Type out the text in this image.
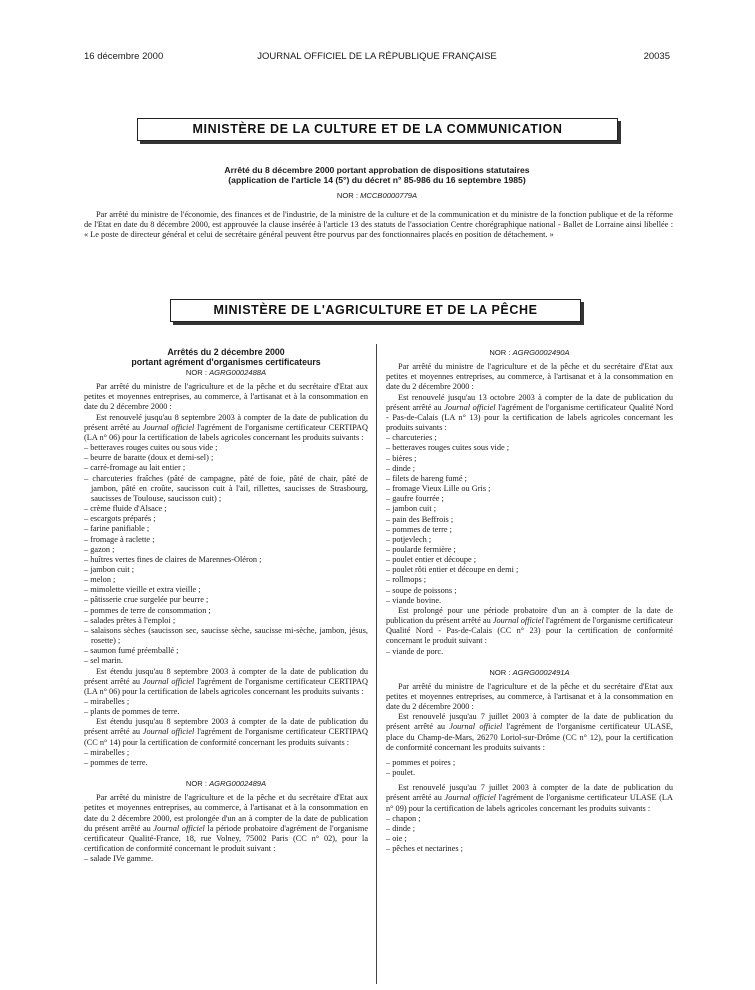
16 décembre 2000	JOURNAL OFFICIEL DE LA RÉPUBLIQUE FRANÇAISE	20035
MINISTÈRE DE LA CULTURE ET DE LA COMMUNICATION
Arrêté du 8 décembre 2000 portant approbation de dispositions statutaires
(application de l'article 14 (5°) du décret n° 85-986 du 16 septembre 1985)
NOR : MCCB0000779A

Par arrêté du ministre de l'économie, des finances et de l'industrie, de la ministre de la culture et de la communication et du ministre de la fonction publique et de la réforme de l'Etat en date du 8 décembre 2000, est approuvée la clause insérée à l'article 13 des statuts de l'association Centre chorégraphique national - Ballet de Lorraine ainsi libellée : « Le poste de directeur général et celui de secrétaire général peuvent être pourvus par des fonctionnaires placés en position de détachement. »

MINISTÈRE DE L'AGRICULTURE ET DE LA PÊCHE
Arrêtés du 2 décembre 2000
portant agrément d'organismes certificateurs
NOR : AGRG0002488A

Par arrêté du ministre de l'agriculture et de la pêche et du secrétaire d'Etat aux petites et moyennes entreprises, au commerce, à l'artisanat et à la consommation en date du 2 décembre 2000 :

Est renouvelé jusqu'au 8 septembre 2003 à compter de la date de publication du présent arrêté au Journal officiel l'agrément de l'organisme certificateur CERTIPAQ (LA n° 06) pour la certification de labels agricoles concernant les produits suivants :

– betteraves rouges cuites ou sous vide ;
– beurre de baratte (doux et demi-sel) ;
– carré-fromage au lait entier ;
– charcuteries fraîches (pâté de campagne, pâté de foie, pâté de chair, pâté de jambon, pâté en croûte, saucisson cuit à l'ail, rillettes, saucisses de Strasbourg, saucisses de Toulouse, saucisson cuit) ;
– crème fluide d'Alsace ;
– escargots préparés ;
– farine panifiable ;
– fromage à raclette ;
– gazon ;
– huîtres vertes fines de claires de Marennes-Oléron ;
– jambon cuit ;
– melon ;
– mimolette vieille et extra vieille ;
– pâtisserie crue surgelée pur beurre ;
– pommes de terre de consommation ;
– salades prêtes à l'emploi ;
– salaisons sèches (saucisson sec, saucisse sèche, saucisse mi-sèche, jambon, jésus, rosette) ;
– saumon fumé préemballé ;
– sel marin.

Est étendu jusqu'au 8 septembre 2003 à compter de la date de publication du présent arrêté au Journal officiel l'agrément de l'organisme certificateur CERTIPAQ (LA n° 06) pour la certification de labels agricoles concernant les produits suivants :

– mirabelles ;
– plants de pommes de terre.

Est étendu jusqu'au 8 septembre 2003 à compter de la date de publication du présent arrêté au Journal officiel l'agrément de l'organisme certificateur CERTIPAQ (CC n° 14) pour la certification de conformité concernant les produits suivants :

– mirabelles ;
– pommes de terre.
NOR : AGRG0002489A

Par arrêté du ministre de l'agriculture et de la pêche et du secrétaire d'Etat aux petites et moyennes entreprises, au commerce, à l'artisanat et à la consommation en date du 2 décembre 2000, est prolongée d'un an à compter de la date de publication du présent arrêté au Journal officiel la période probatoire d'agrément de l'organisme certificateur Qualité-France, 18, rue Volney, 75002 Paris (CC n° 02), pour la certification de conformité concernant le produit suivant :

– salade IVe gamme.
NOR : AGRG0002490A

Par arrêté du ministre de l'agriculture et de la pêche et du secrétaire d'Etat aux petites et moyennes entreprises, au commerce, à l'artisanat et à la consommation en date du 2 décembre 2000 :

Est renouvelé jusqu'au 13 octobre 2003 à compter de la date de publication du présent arrêté au Journal officiel l'agrément de l'organisme certificateur Qualité Nord - Pas-de-Calais (LA n° 13) pour la certification de labels agricoles concernant les produits suivants :

– charcuteries ;
– betteraves rouges cuites sous vide ;
– bières ;
– dinde ;
– filets de hareng fumé ;
– fromage Vieux Lille ou Gris ;
– gaufre fourrée ;
– jambon cuit ;
– pain des Beffrois ;
– pommes de terre ;
– potjevlech ;
– poularde fermière ;
– poulet entier et découpe ;
– poulet rôti entier et découpe en demi ;
– rollmops ;
– soupe de poissons ;
– viande bovine.

Est prolongé pour une période probatoire d'un an à compter de la date de publication du présent arrêté au Journal officiel l'agrément de l'organisme certificateur Qualité Nord - Pas-de-Calais (CC n° 23) pour la certification de conformité concernant le produit suivant :

– viande de porc.
NOR : AGRG0002491A

Par arrêté du ministre de l'agriculture et de la pêche et du secrétaire d'Etat aux petites et moyennes entreprises, au commerce, à l'artisanat et à la consommation en date du 2 décembre 2000 :

Est renouvelé jusqu'au 7 juillet 2003 à compter de la date de publication du présent arrêté au Journal officiel l'agrément de l'organisme certificateur ULASE, place du Champ-de-Mars, 26270 Loriol-sur-Drôme (CC n° 12), pour la certification de conformité concernant les produits suivants :

– pommes et poires ;
– poulet.

Est renouvelé jusqu'au 7 juillet 2003 à compter de la date de publication du présent arrêté au Journal officiel l'agrément de l'organisme certificateur ULASE (LA n° 09) pour la certification de labels agricoles concernant les produits suivants :

– chapon ;
– dinde ;
– oie ;
– pêches et nectarines ;
